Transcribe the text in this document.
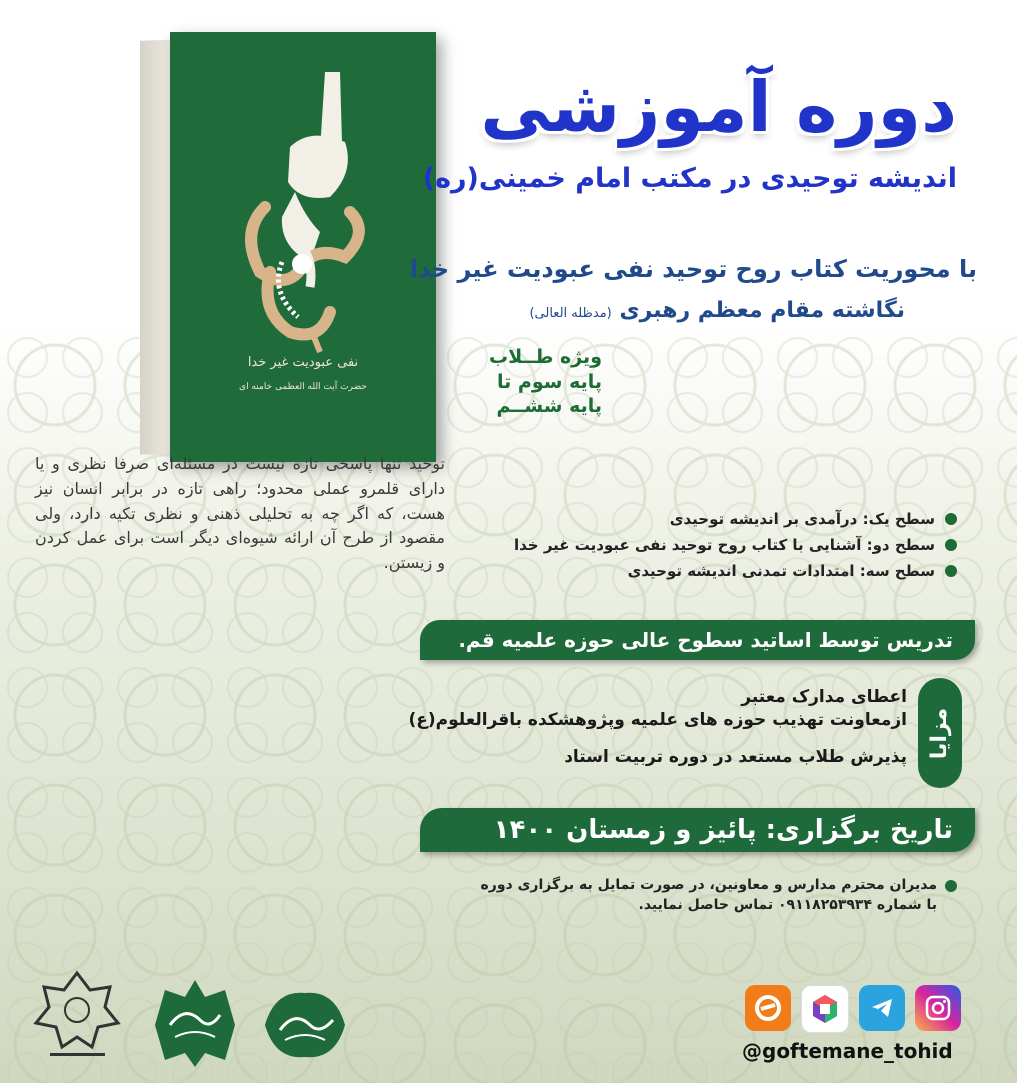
نفی عبودیت غیر خدا
حضرت آیت الله العظمی خامنه ای
دوره آموزشی
اندیشه توحیدی در مکتب امام خمینی(ره)
با محوریت کتاب روح توحید نفی عبودیت غیر خدا
نگاشته مقام معظم رهبری (مدظله العالی)
ویژه طــلاب
پایه سوم تا
پایه ششــم
توحید تنها پاسخی تازه نیست در مسئله‌ای صرفا نظری و یا دارای قلمرو عملی محدود؛ راهی تازه در برابر انسان نیز هست، که اگر چه به تحلیلی ذهنی و نظری تکیه دارد، ولی مقصود از طرح آن ارائه شیوه‌ای دیگر است برای عمل کردن و زیستن.
سطح یک: درآمدی بر اندیشه توحیدی
سطح دو: آشنایی با کتاب روح توحید نفی عبودیت غیر خدا
سطح سه: امتدادات تمدنی اندیشه توحیدی
تدریس توسط اساتید سطوح عالی حوزه علمیه قم.
مزایا
اعطای مدارک معتبر
ازمعاونت تهذیب حوزه های علمیه وپژوهشکده باقرالعلوم(ع)
پذیرش طلاب مستعد در دوره تربیت استاد
تاریخ برگزاری: پائیز و زمستان ۱۴۰۰
مدیران محترم مدارس و معاونین، در صورت تمایل به برگزاری دوره
با شماره ۰۹۱۱۸۲۵۳۹۳۴ تماس حاصل نمایید.
@goftemane_tohid
